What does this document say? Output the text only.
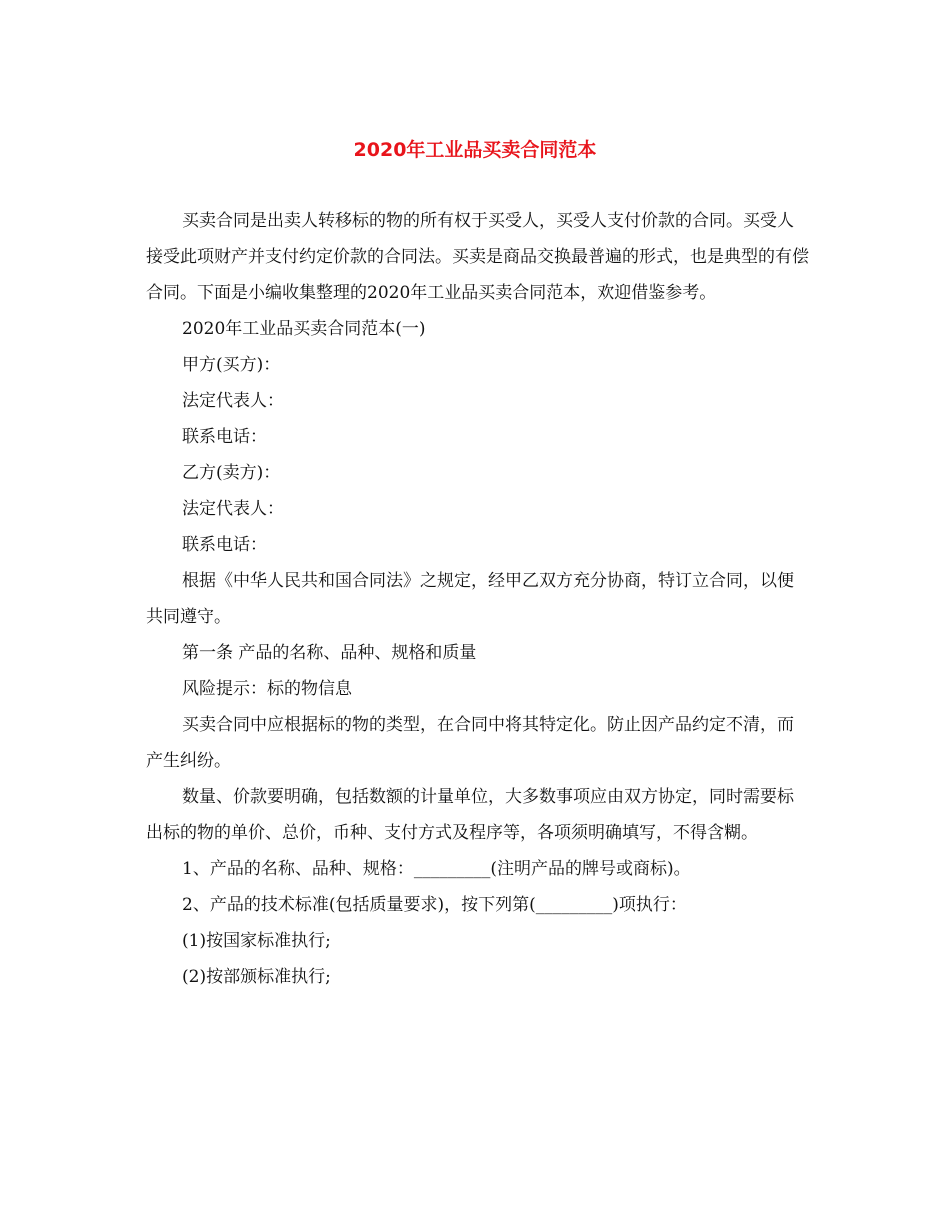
2020年工业品买卖合同范本

买卖合同是出卖人转移标的物的所有权于买受人，买受人支付价款的合同。买受人接受此项财产并支付约定价款的合同法。买卖是商品交换最普遍的形式，也是典型的有偿合同。下面是小编收集整理的2020年工业品买卖合同范本，欢迎借鉴参考。

2020年工业品买卖合同范本(一)

甲方(买方)：

法定代表人：

联系电话：

乙方(卖方)：

法定代表人：

联系电话：

根据《中华人民共和国合同法》之规定，经甲乙双方充分协商，特订立合同，以便共同遵守。

第一条 产品的名称、品种、规格和质量

风险提示：标的物信息

买卖合同中应根据标的物的类型，在合同中将其特定化。防止因产品约定不清，而产生纠纷。

数量、价款要明确，包括数额的计量单位，大多数事项应由双方协定，同时需要标出标的物的单价、总价，币种、支付方式及程序等，各项须明确填写，不得含糊。

1、产品的名称、品种、规格：_________(注明产品的牌号或商标)。

2、产品的技术标准(包括质量要求)，按下列第(_________)项执行：

(1)按国家标准执行;

(2)按部颁标准执行;
